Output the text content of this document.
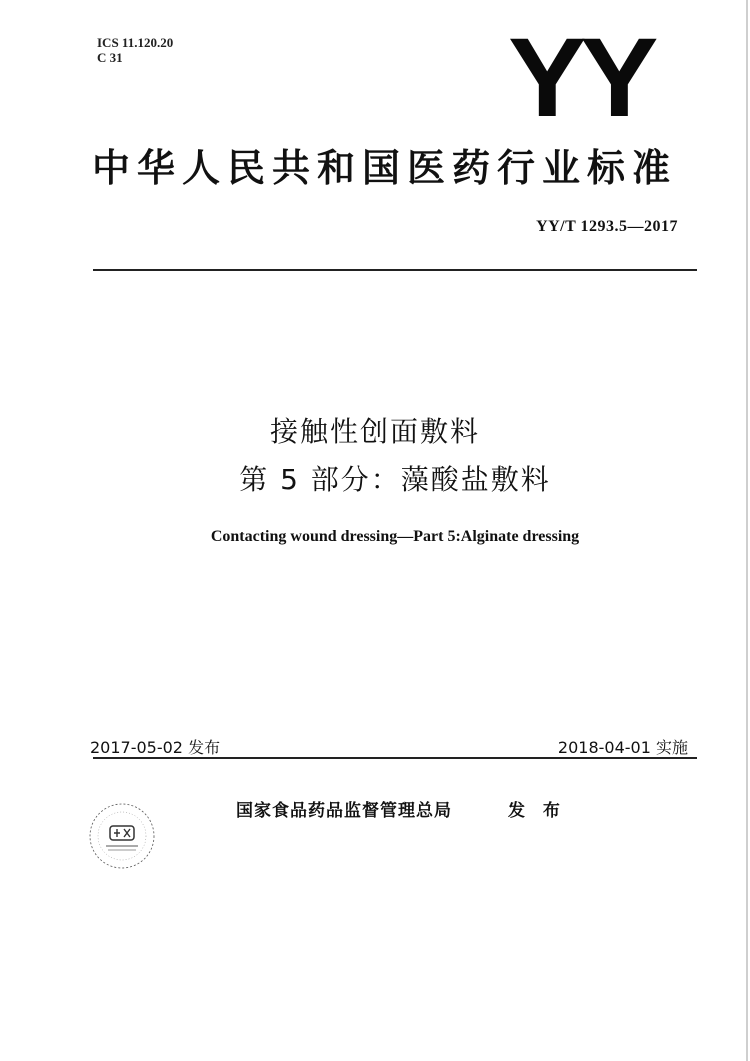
ICS 11.120.20
C 31	YY
中华人民共和国医药行业标准
YY/T 1293.5—2017
接触性创面敷料
第 5 部分：藻酸盐敷料
Contacting wound dressing—Part 5:Alginate dressing
2017-05-02 发布	2018-04-01 实施
国家食品药品监督管理总局	发 布
